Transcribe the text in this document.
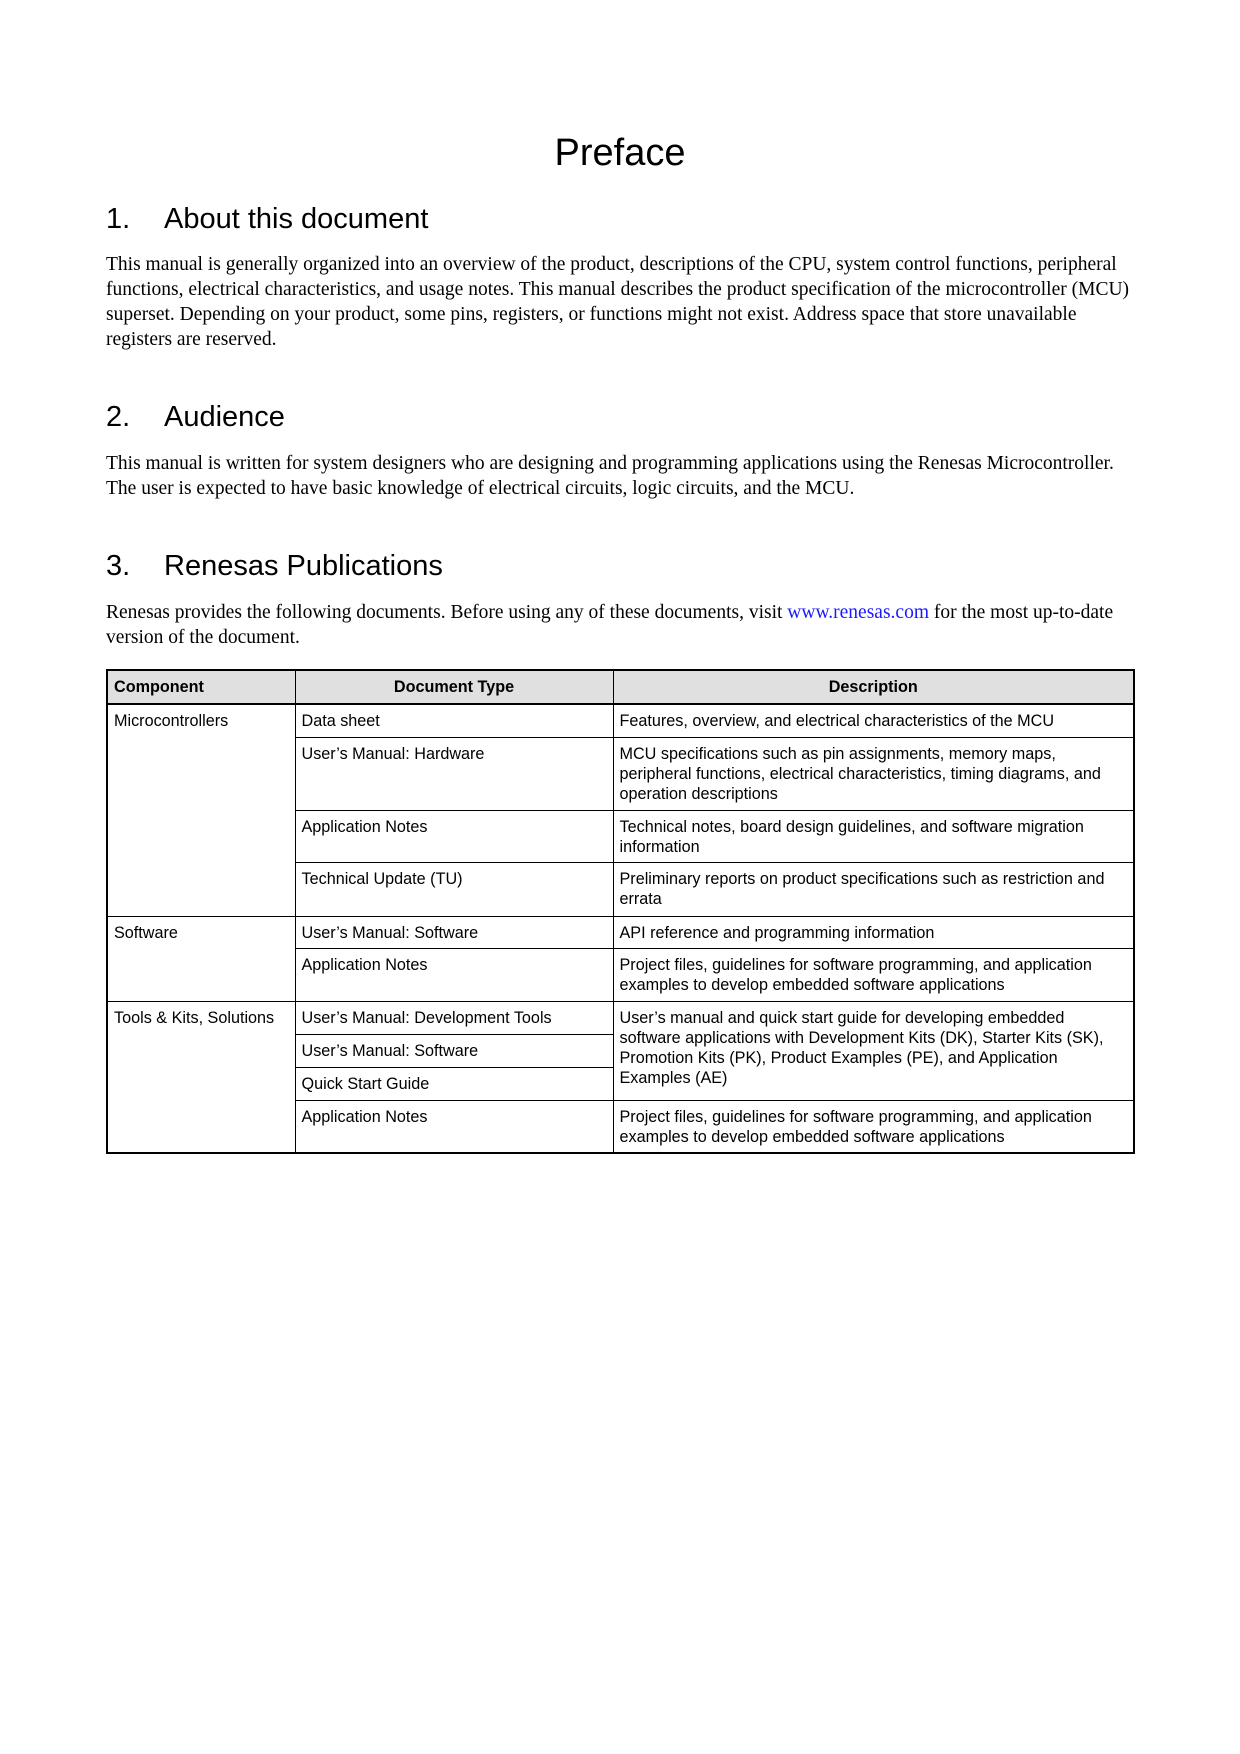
Preface
1. About this document
This manual is generally organized into an overview of the product, descriptions of the CPU, system control functions, peripheral functions, electrical characteristics, and usage notes. This manual describes the product specification of the microcontroller (MCU) superset. Depending on your product, some pins, registers, or functions might not exist. Address space that store unavailable registers are reserved.
2. Audience
This manual is written for system designers who are designing and programming applications using the Renesas Microcontroller. The user is expected to have basic knowledge of electrical circuits, logic circuits, and the MCU.
3. Renesas Publications
Renesas provides the following documents. Before using any of these documents, visit www.renesas.com for the most up-to-date version of the document.
Component	Document Type	Description
Microcontrollers	Data sheet	Features, overview, and electrical characteristics of the MCU
	User’s Manual: Hardware	MCU specifications such as pin assignments, memory maps, peripheral functions, electrical characteristics, timing diagrams, and operation descriptions
	Application Notes	Technical notes, board design guidelines, and software migration information
	Technical Update (TU)	Preliminary reports on product specifications such as restriction and errata
Software	User’s Manual: Software	API reference and programming information
	Application Notes	Project files, guidelines for software programming, and application examples to develop embedded software applications
Tools & Kits, Solutions	User’s Manual: Development Tools	User’s manual and quick start guide for developing embedded software applications with Development Kits (DK), Starter Kits (SK), Promotion Kits (PK), Product Examples (PE), and Application Examples (AE)
	User’s Manual: Software	
	Quick Start Guide	
	Application Notes	Project files, guidelines for software programming, and application examples to develop embedded software applications
